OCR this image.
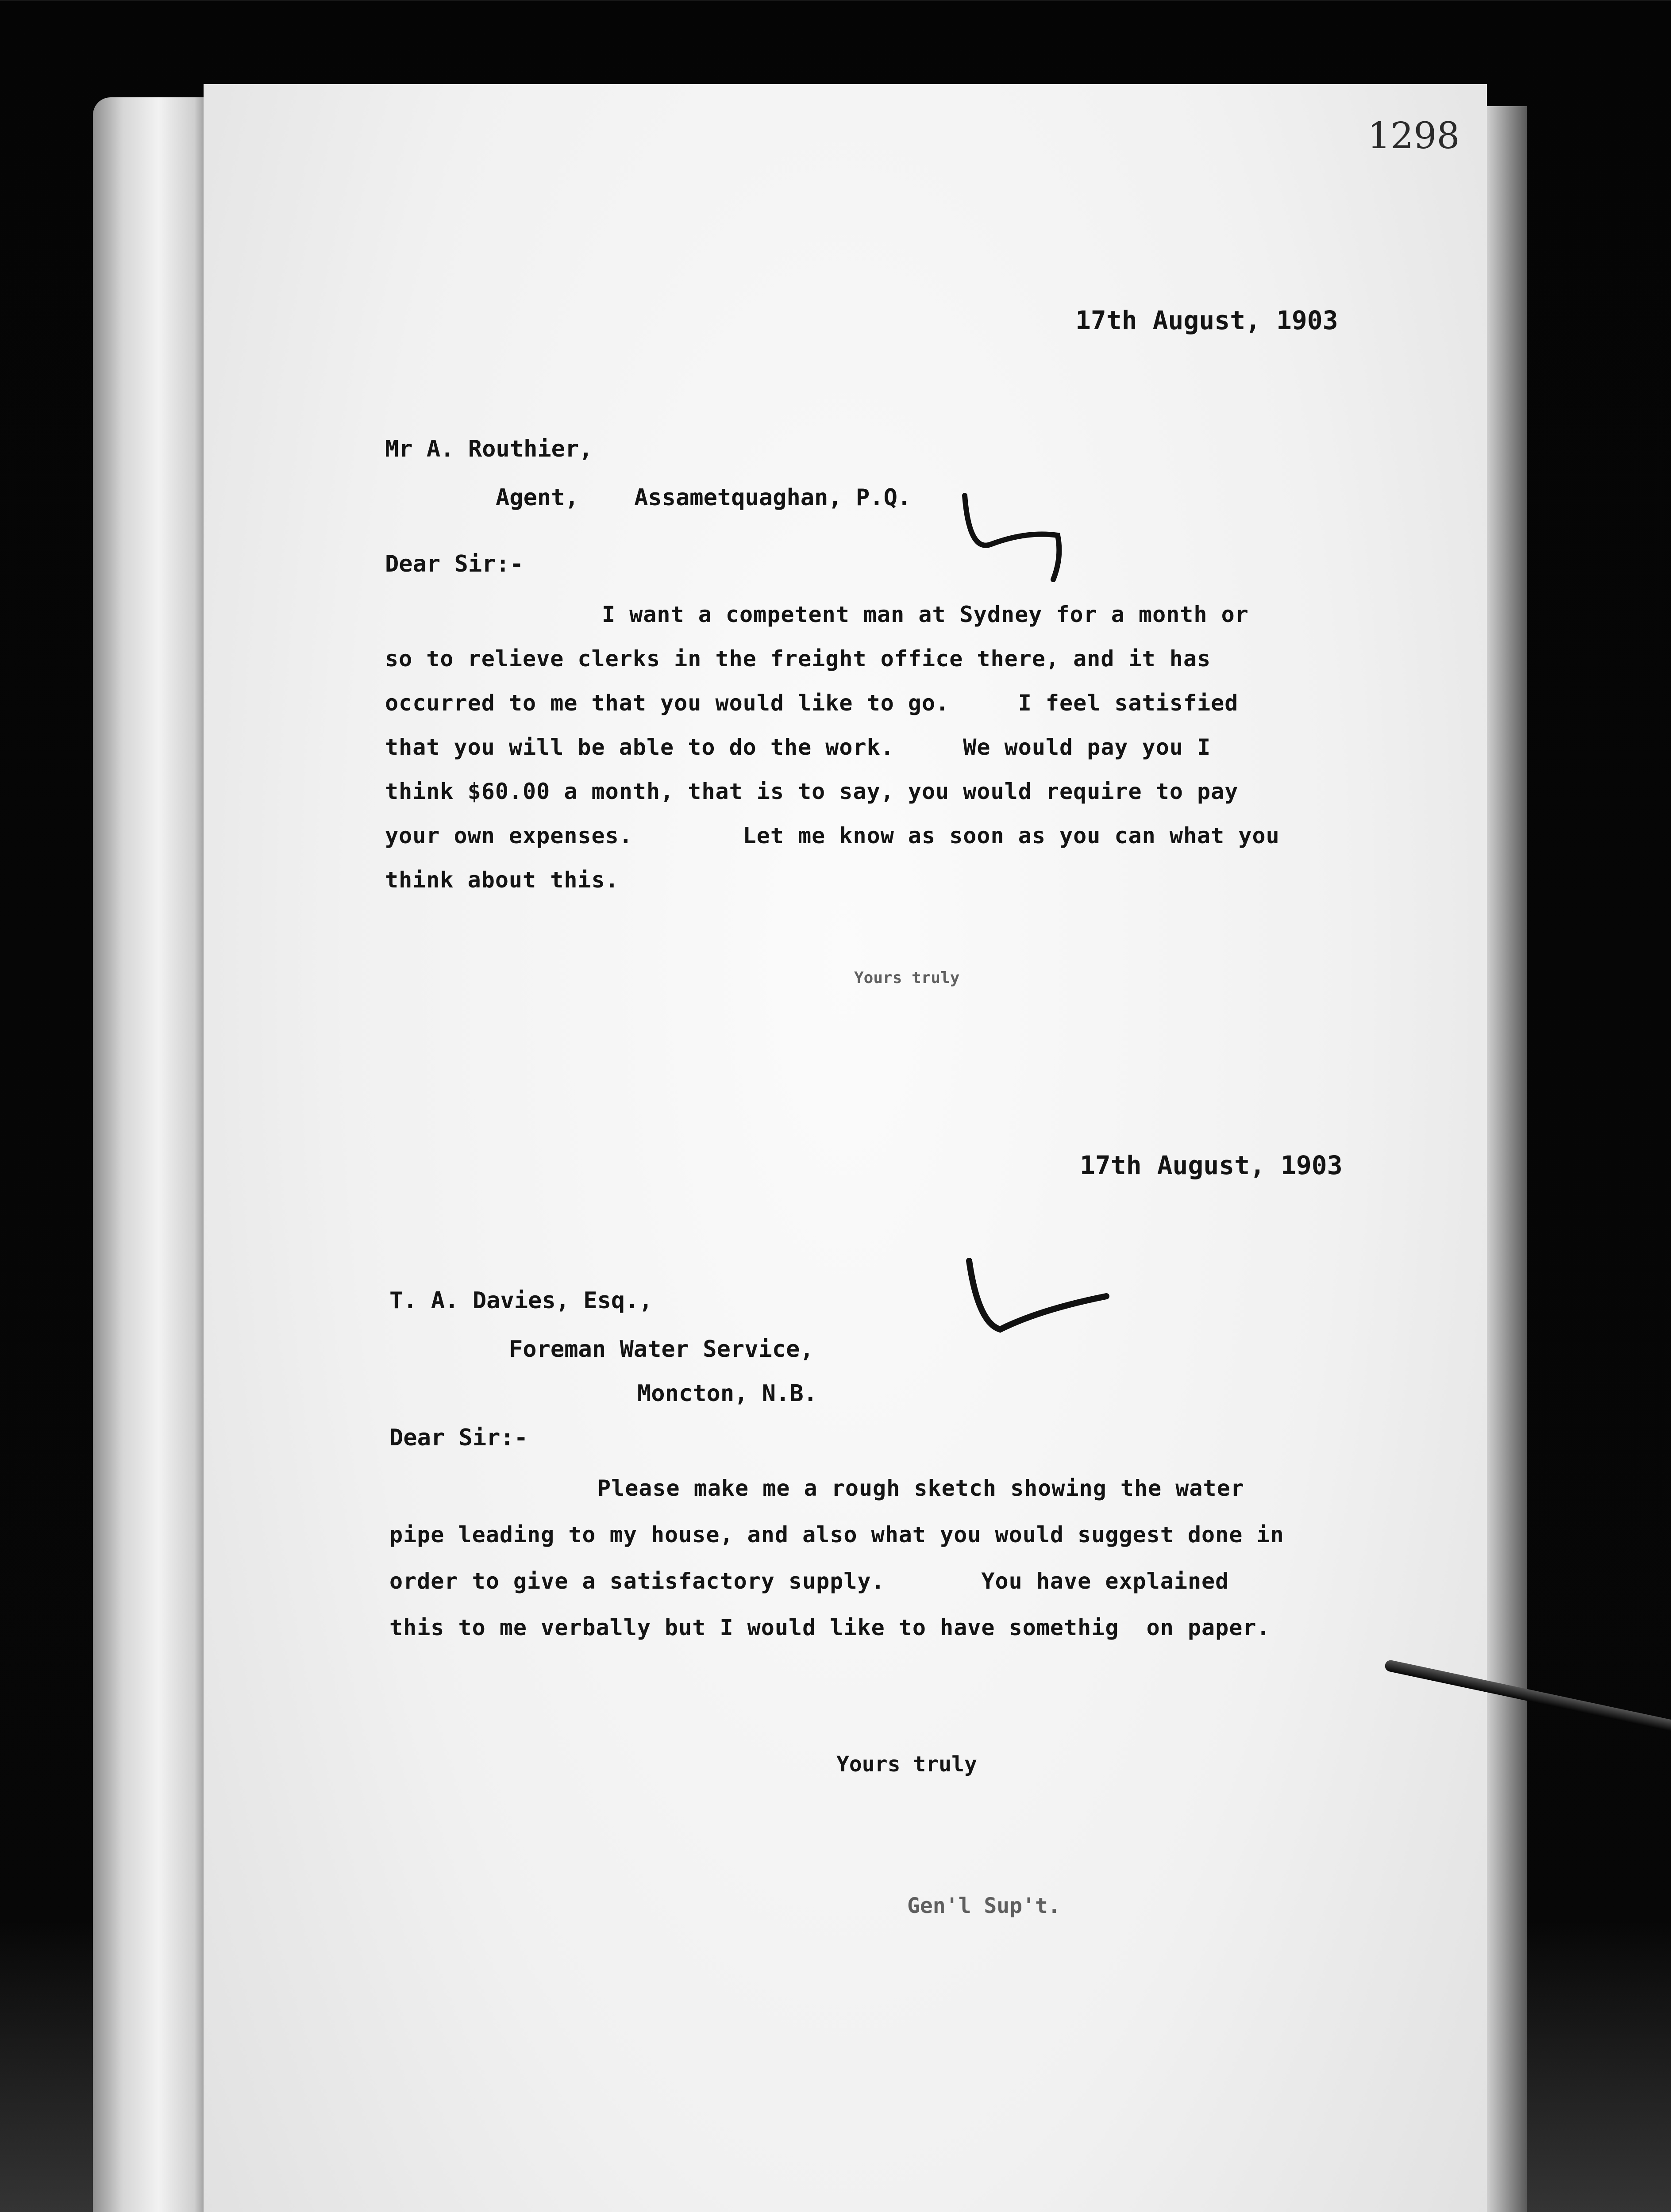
1298
17th August, 1903
Mr A. Routhier,
Agent,    Assametquaghan, P.Q.
Dear Sir:-
I want a competent man at Sydney for a month or
so to relieve clerks in the freight office there, and it has
occurred to me that you would like to go.     I feel satisfied
that you will be able to do the work.     We would pay you I
think $60.00 a month, that is to say, you would require to pay
your own expenses.        Let me know as soon as you can what you
think about this.
Yours truly
17th August, 1903
T. A. Davies, Esq.,
Foreman Water Service,
Moncton, N.B.
Dear Sir:-
Please make me a rough sketch showing the water
pipe leading to my house, and also what you would suggest done in
order to give a satisfactory supply.       You have explained
this to me verbally but I would like to have somethig  on paper.
Yours truly
Gen'l Sup't.
